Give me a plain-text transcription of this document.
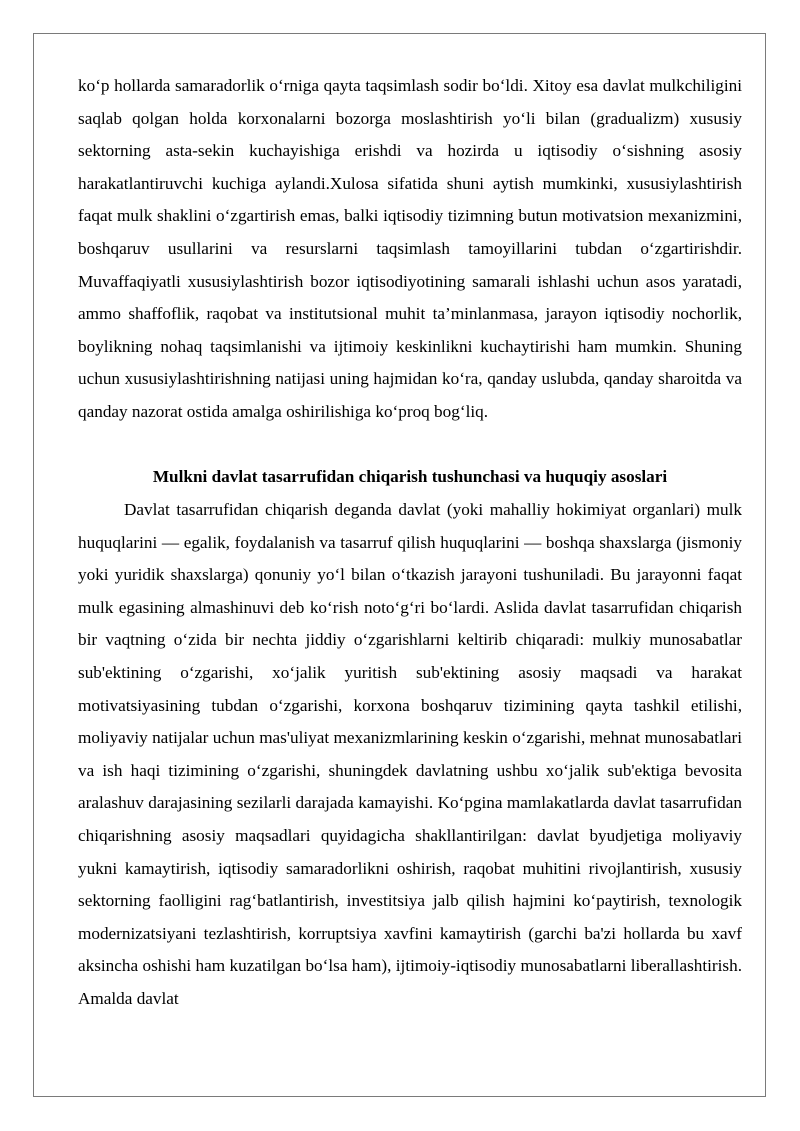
ko‘p hollarda samaradorlik o‘rniga qayta taqsimlash sodir bo‘ldi. Xitoy esa davlat mulkchiligini saqlab qolgan holda korxonalarni bozorga moslashtirish yo‘li bilan (gradualizm) xususiy sektorning asta-sekin kuchayishiga erishdi va hozirda u iqtisodiy o‘sishning asosiy harakatlantiruvchi kuchiga aylandi.Xulosa sifatida shuni aytish mumkinki, xususiylashtirish faqat mulk shaklini o‘zgartirish emas, balki iqtisodiy tizimning butun motivatsion mexanizmini, boshqaruv usullarini va resurslarni taqsimlash tamoyillarini tubdan o‘zgartirishdir. Muvaffaqiyatli xususiylashtirish bozor iqtisodiyotining samarali ishlashi uchun asos yaratadi, ammo shaffoflik, raqobat va institutsional muhit ta’minlanmasa, jarayon iqtisodiy nochorlik, boylikning nohaq taqsimlanishi va ijtimoiy keskinlikni kuchaytirishi ham mumkin. Shuning uchun xususiylashtirishning natijasi uning hajmidan ko‘ra, qanday uslubda, qanday sharoitda va qanday nazorat ostida amalga oshirilishiga ko‘proq bog‘liq.

Mulkni davlat tasarrufidan chiqarish tushunchasi va huquqiy asoslari

Davlat tasarrufidan chiqarish deganda davlat (yoki mahalliy hokimiyat organlari) mulk huquqlarini — egalik, foydalanish va tasarruf qilish huquqlarini — boshqa shaxslarga (jismoniy yoki yuridik shaxslarga) qonuniy yo‘l bilan o‘tkazish jarayoni tushuniladi. Bu jarayonni faqat mulk egasining almashinuvi deb ko‘rish noto‘g‘ri bo‘lardi. Aslida davlat tasarrufidan chiqarish bir vaqtning o‘zida bir nechta jiddiy o‘zgarishlarni keltirib chiqaradi: mulkiy munosabatlar sub'ektining o‘zgarishi, xo‘jalik yuritish sub'ektining asosiy maqsadi va harakat motivatsiyasining tubdan o‘zgarishi, korxona boshqaruv tizimining qayta tashkil etilishi, moliyaviy natijalar uchun mas'uliyat mexanizmlarining keskin o‘zgarishi, mehnat munosabatlari va ish haqi tizimining o‘zgarishi, shuningdek davlatning ushbu xo‘jalik sub'ektiga bevosita aralashuv darajasining sezilarli darajada kamayishi. Ko‘pgina mamlakatlarda davlat tasarrufidan chiqarishning asosiy maqsadlari quyidagicha shakllantirilgan: davlat byudjetiga moliyaviy yukni kamaytirish, iqtisodiy samaradorlikni oshirish, raqobat muhitini rivojlantirish, xususiy sektorning faolligini rag‘batlantirish, investitsiya jalb qilish hajmini ko‘paytirish, texnologik modernizatsiyani tezlashtirish, korruptsiya xavfini kamaytirish (garchi ba'zi hollarda bu xavf aksincha oshishi ham kuzatilgan bo‘lsa ham), ijtimoiy-iqtisodiy munosabatlarni liberallashtirish. Amalda davlat
